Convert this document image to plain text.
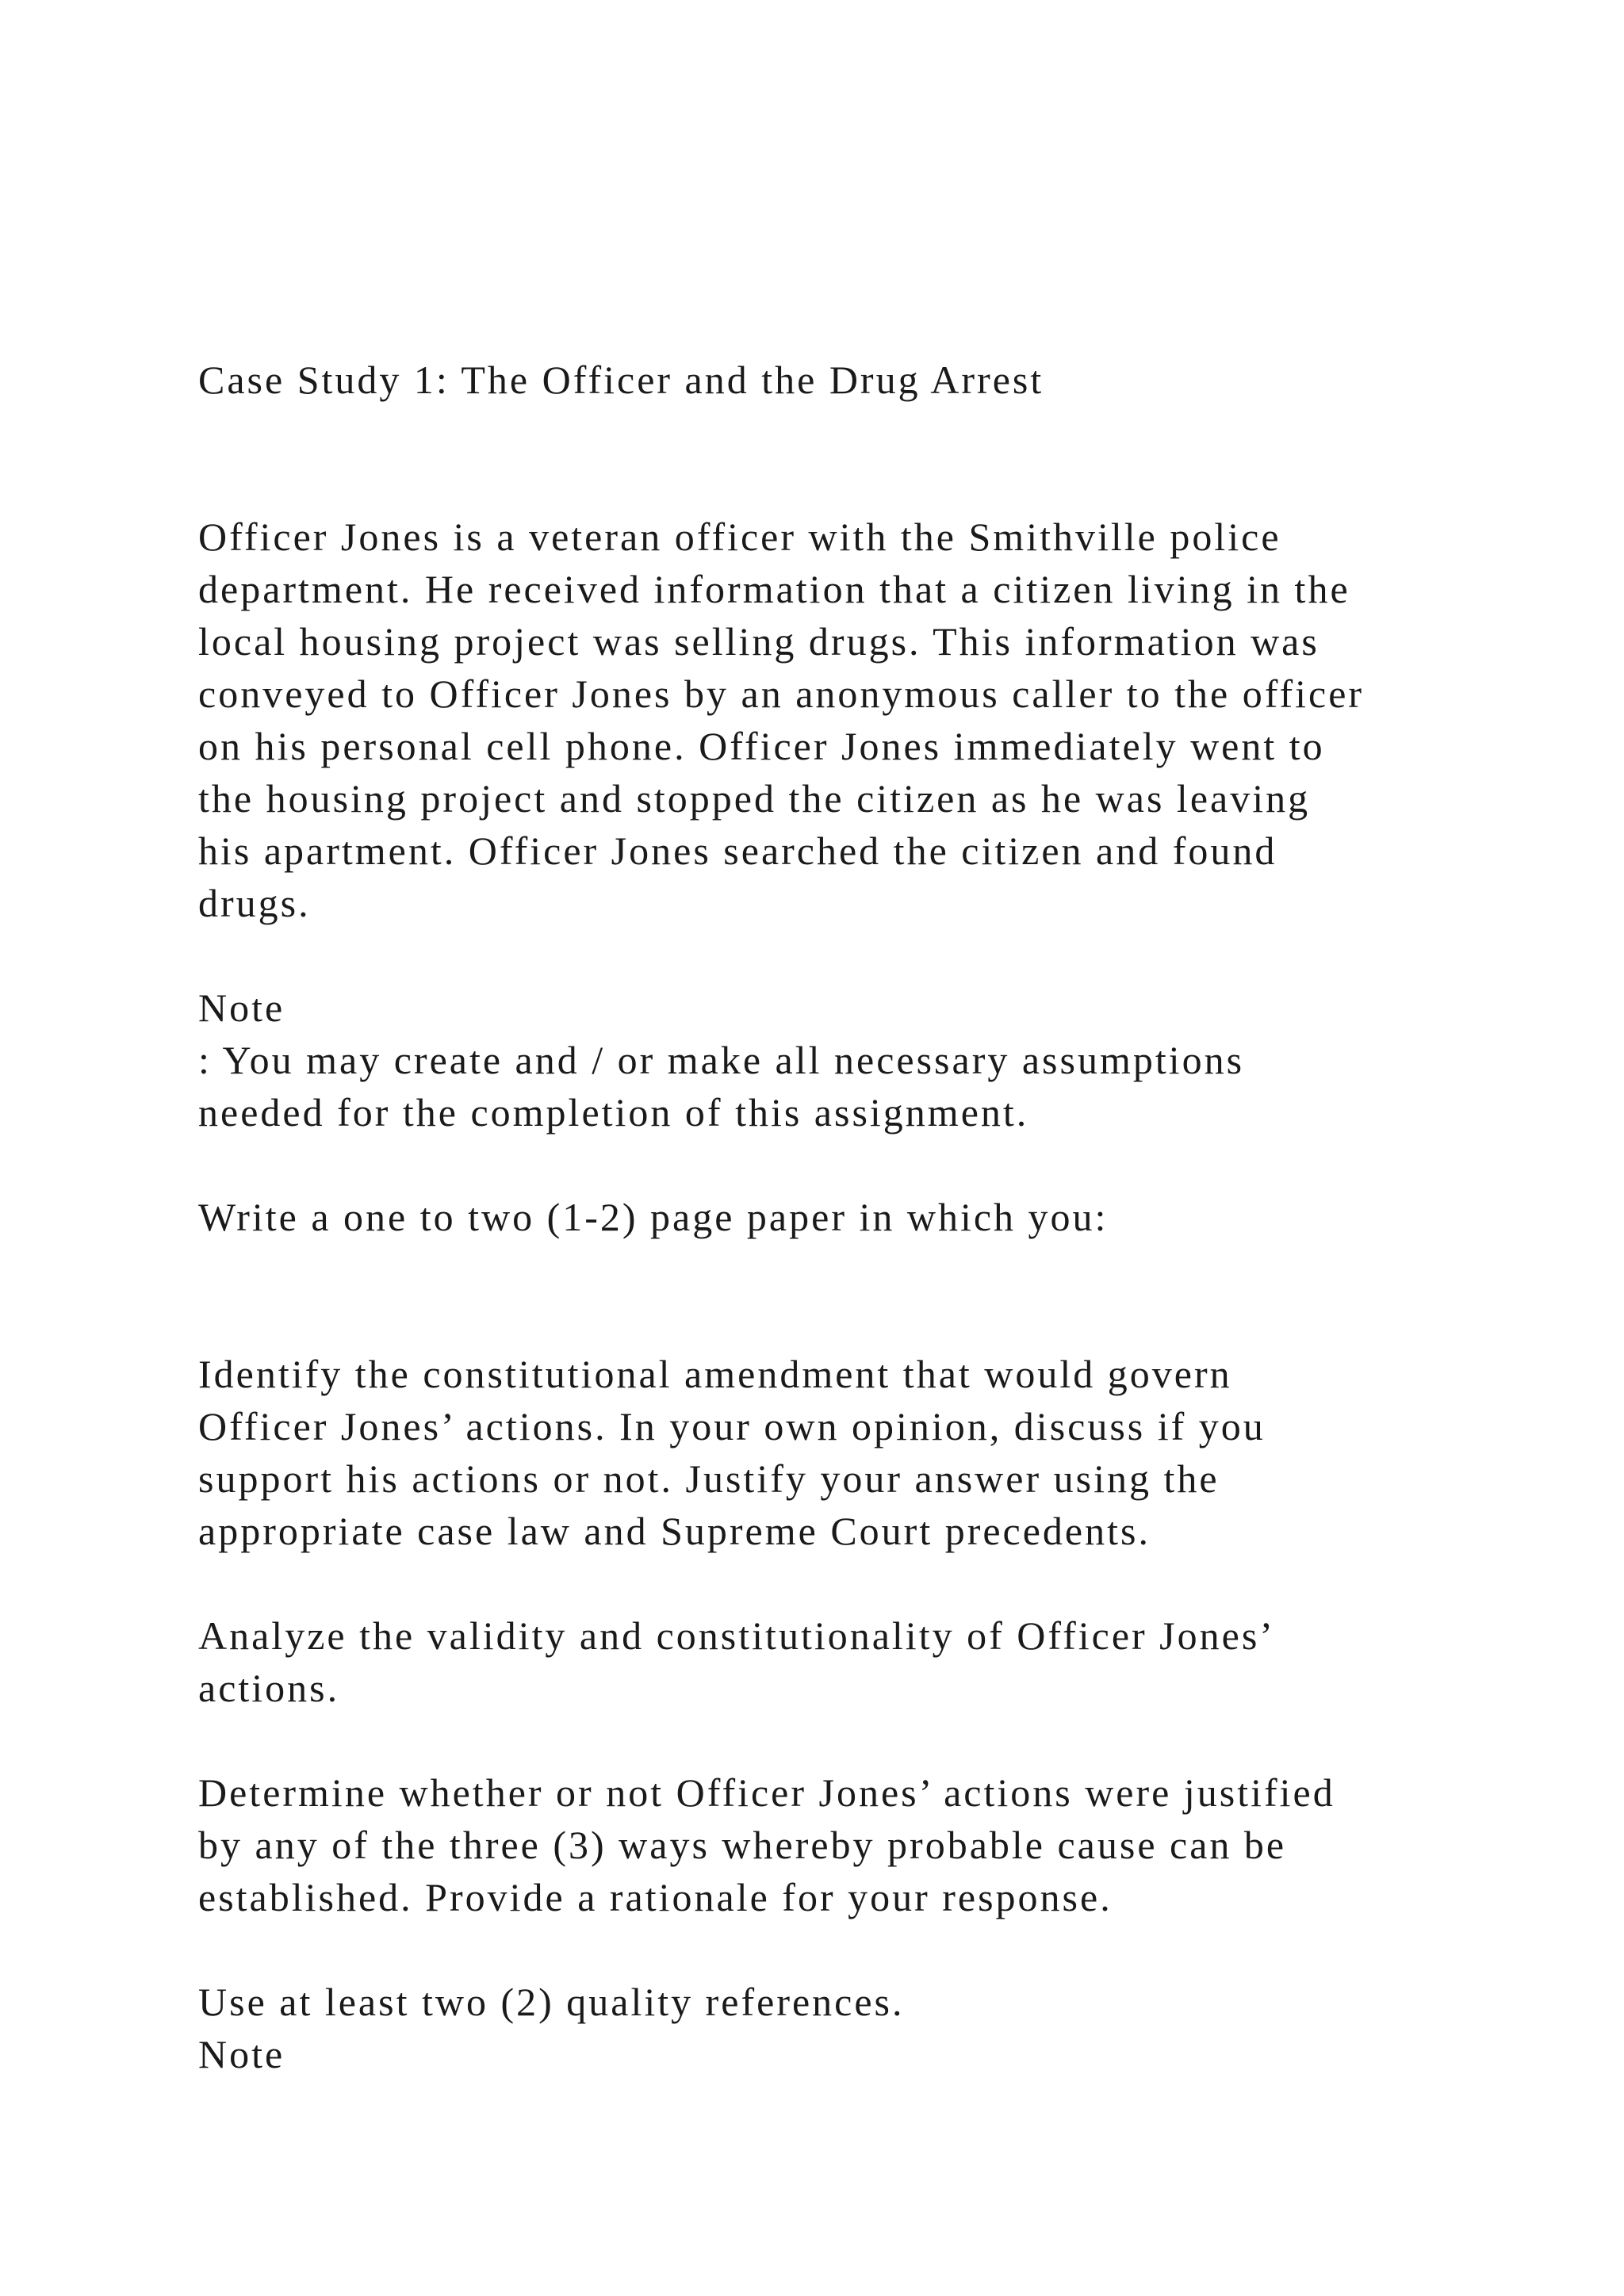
Case Study 1: The Officer and the Drug Arrest

Officer Jones is a veteran officer with the Smithville police

department. He received information that a citizen living in the

local housing project was selling drugs. This information was

conveyed to Officer Jones by an anonymous caller to the officer

on his personal cell phone. Officer Jones immediately went to

the housing project and stopped the citizen as he was leaving

his apartment. Officer Jones searched the citizen and found

drugs.

Note

: You may create and / or make all necessary assumptions

needed for the completion of this assignment.

Write a one to two (1-2) page paper in which you:

Identify the constitutional amendment that would govern

Officer Jones’ actions. In your own opinion, discuss if you

support his actions or not. Justify your answer using the

appropriate case law and Supreme Court precedents.

Analyze the validity and constitutionality of Officer Jones’

actions.

Determine whether or not Officer Jones’ actions were justified

by any of the three (3) ways whereby probable cause can be

established. Provide a rationale for your response.

Use at least two (2) quality references.

Note
